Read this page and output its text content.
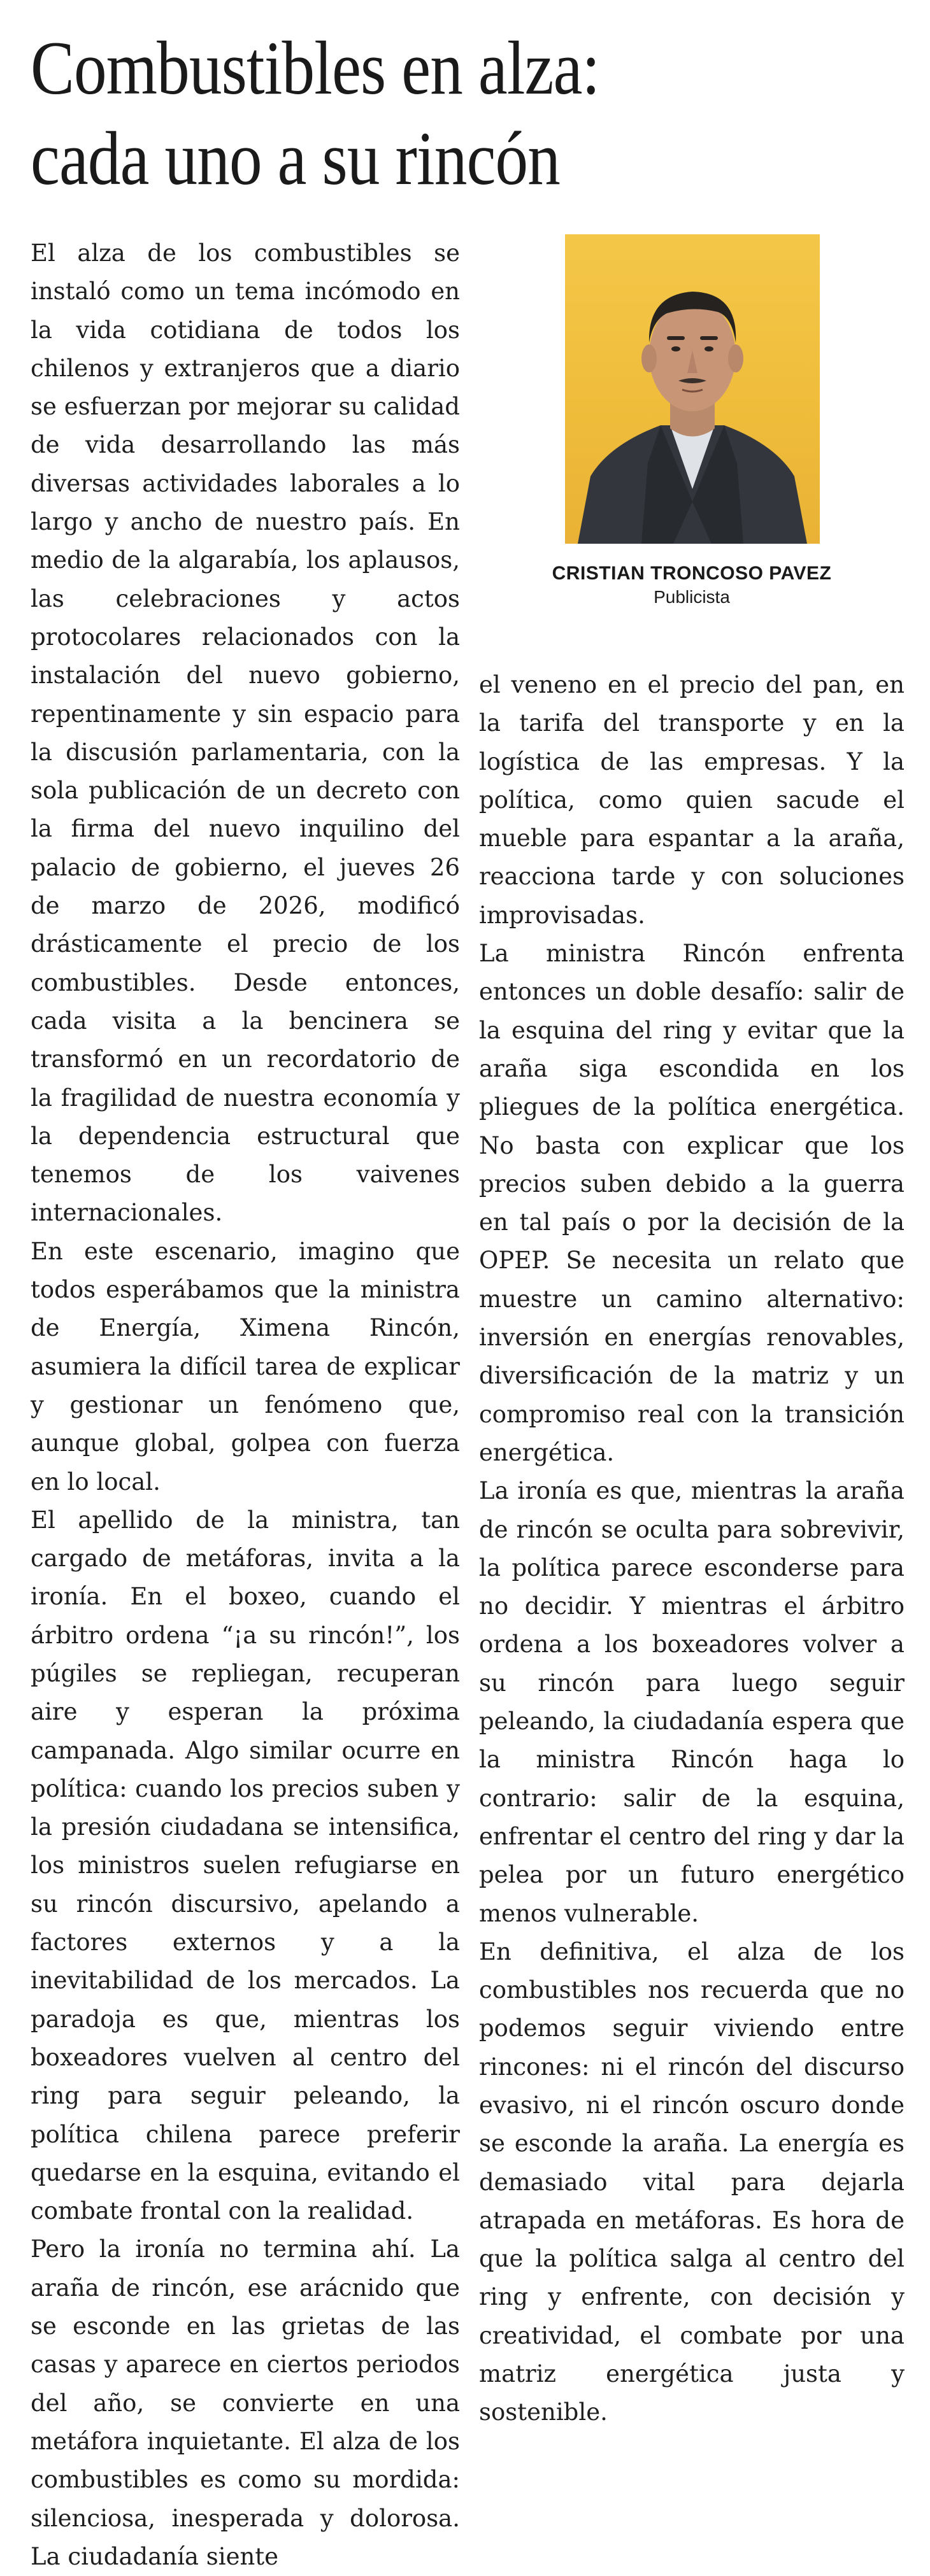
Combustibles en alza:
cada uno a su rincón

El alza de los combustibles se instaló como un tema incómodo en la vida cotidiana de todos los chilenos y extranjeros que a diario se esfuerzan por mejorar su calidad de vida desarrollando las más diversas actividades laborales a lo largo y ancho de nuestro país. En medio de la algarabía, los aplausos, las celebraciones y actos protocolares relacionados con la instalación del nuevo gobierno, repentinamente y sin espacio para la discusión parlamentaria, con la sola publicación de un decreto con la firma del nuevo inquilino del palacio de gobierno, el jueves 26 de marzo de 2026, modificó drásticamente el precio de los combustibles. Desde entonces, cada visita a la bencinera se transformó en un recordatorio de la fragilidad de nuestra economía y la dependencia estructural que tenemos de los vaivenes internacionales.

En este escenario, imagino que todos esperábamos que la ministra de Energía, Ximena Rincón, asumiera la difícil tarea de explicar y gestionar un fenómeno que, aunque global, golpea con fuerza en lo local.

El apellido de la ministra, tan cargado de metáforas, invita a la ironía. En el boxeo, cuando el árbitro ordena “¡a su rincón!”, los púgiles se repliegan, recuperan aire y esperan la próxima campanada. Algo similar ocurre en política: cuando los precios suben y la presión ciudadana se intensifica, los ministros suelen refugiarse en su rincón discursivo, apelando a factores externos y a la inevitabilidad de los mercados. La paradoja es que, mientras los boxeadores vuelven al centro del ring para seguir peleando, la política chilena parece preferir quedarse en la esquina, evitando el combate frontal con la realidad.

Pero la ironía no termina ahí. La araña de rincón, ese arácnido que se esconde en las grietas de las casas y aparece en ciertos periodos del año, se convierte en una metáfora inquietante. El alza de los combustibles es como su mordida: silenciosa, inesperada y dolorosa. La ciudadanía siente

CRISTIAN TRONCOSO PAVEZ
Publicista

el veneno en el precio del pan, en la tarifa del transporte y en la logística de las empresas. Y la política, como quien sacude el mueble para espantar a la araña, reacciona tarde y con soluciones improvisadas.

La ministra Rincón enfrenta entonces un doble desafío: salir de la esquina del ring y evitar que la araña siga escondida en los pliegues de la política energética. No basta con explicar que los precios suben debido a la guerra en tal país o por la decisión de la OPEP. Se necesita un relato que muestre un camino alternativo: inversión en energías renovables, diversificación de la matriz y un compromiso real con la transición energética.

La ironía es que, mientras la araña de rincón se oculta para sobrevivir, la política parece esconderse para no decidir. Y mientras el árbitro ordena a los boxeadores volver a su rincón para luego seguir peleando, la ciudadanía espera que la ministra Rincón haga lo contrario: salir de la esquina, enfrentar el centro del ring y dar la pelea por un futuro energético menos vulnerable.

En definitiva, el alza de los combustibles nos recuerda que no podemos seguir viviendo entre rincones: ni el rincón del discurso evasivo, ni el rincón oscuro donde se esconde la araña. La energía es demasiado vital para dejarla atrapada en metáforas. Es hora de que la política salga al centro del ring y enfrente, con decisión y creatividad, el combate por una matriz energética justa y sostenible.
